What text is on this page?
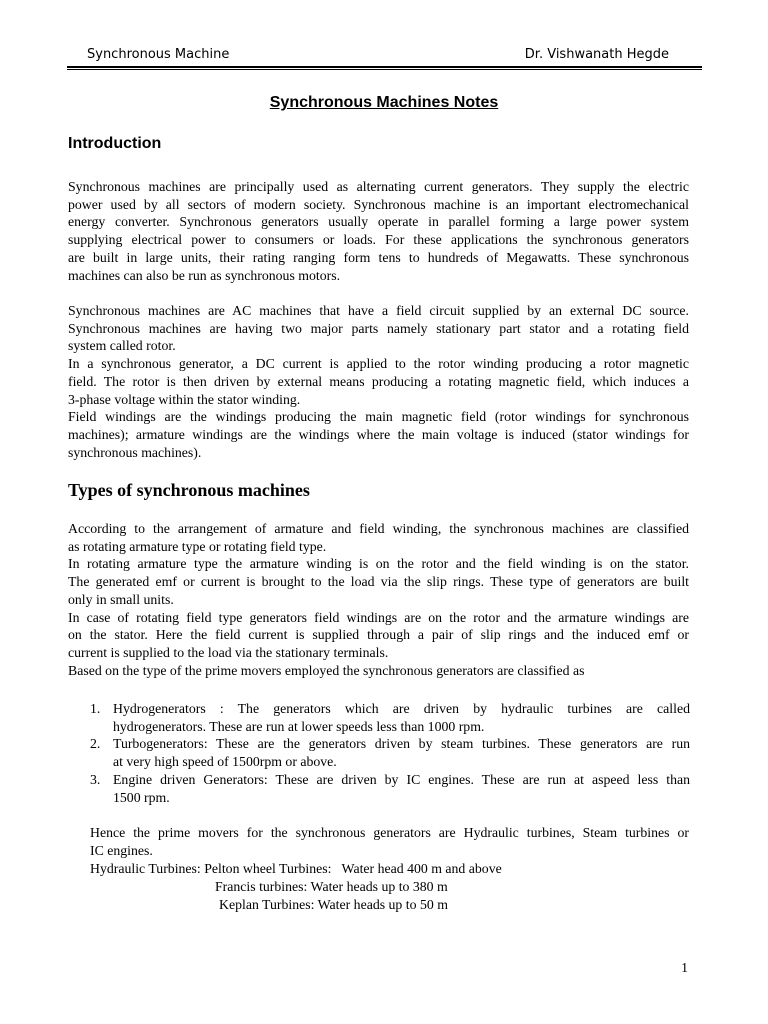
Synchronous Machine	Dr. Vishwanath Hegde
Synchronous Machines Notes
Introduction

Synchronous machines are principally used as alternating current generators. They supply the electric
power used by all sectors of modern society. Synchronous machine is an important electromechanical
energy converter. Synchronous generators usually operate in parallel forming a large power system
supplying electrical power to consumers or loads. For these applications the synchronous generators
are built in large units, their rating ranging form tens to hundreds of Megawatts. These synchronous
machines can also be run as synchronous motors.

Synchronous machines are AC machines that have a field circuit supplied by an external DC source.
Synchronous machines are having two major parts namely stationary part stator and a rotating field
system called rotor.
In a synchronous generator, a DC current is applied to the rotor winding producing a rotor magnetic
field. The rotor is then driven by external means producing a rotating magnetic field, which induces a
3-phase voltage within the stator winding.
Field windings are the windings producing the main magnetic field (rotor windings for synchronous
machines); armature windings are the windings where the main voltage is induced (stator windings for
synchronous machines).

Types of synchronous machines

According to the arrangement of armature and field winding, the synchronous machines are classified
as rotating armature type or rotating field type.
In rotating armature type the armature winding is on the rotor and the field winding is on the stator.
The generated emf or current is brought to the load via the slip rings. These type of generators are built
only in small units.
In case of rotating field type generators field windings are on the rotor and the armature windings are
on the stator. Here the field current is supplied through a pair of slip rings and the induced emf or
current is supplied to the load via the stationary terminals.
Based on the type of the prime movers employed the synchronous generators are classified as

1. Hydrogenerators : The generators which are driven by hydraulic turbines are called
hydrogenerators. These are run at lower speeds less than 1000 rpm.
2. Turbogenerators: These are the generators driven by steam turbines. These generators are run
at very high speed of 1500rpm or above.
3. Engine driven Generators: These are driven by IC engines. These are run at aspeed less than
1500 rpm.
Hence the prime movers for the synchronous generators are Hydraulic turbines, Steam turbines or
IC engines.
Hydraulic Turbines: Pelton wheel Turbines:   Water head 400 m and above
Francis turbines: Water heads up to 380 m
Keplan Turbines: Water heads up to 50 m
1
